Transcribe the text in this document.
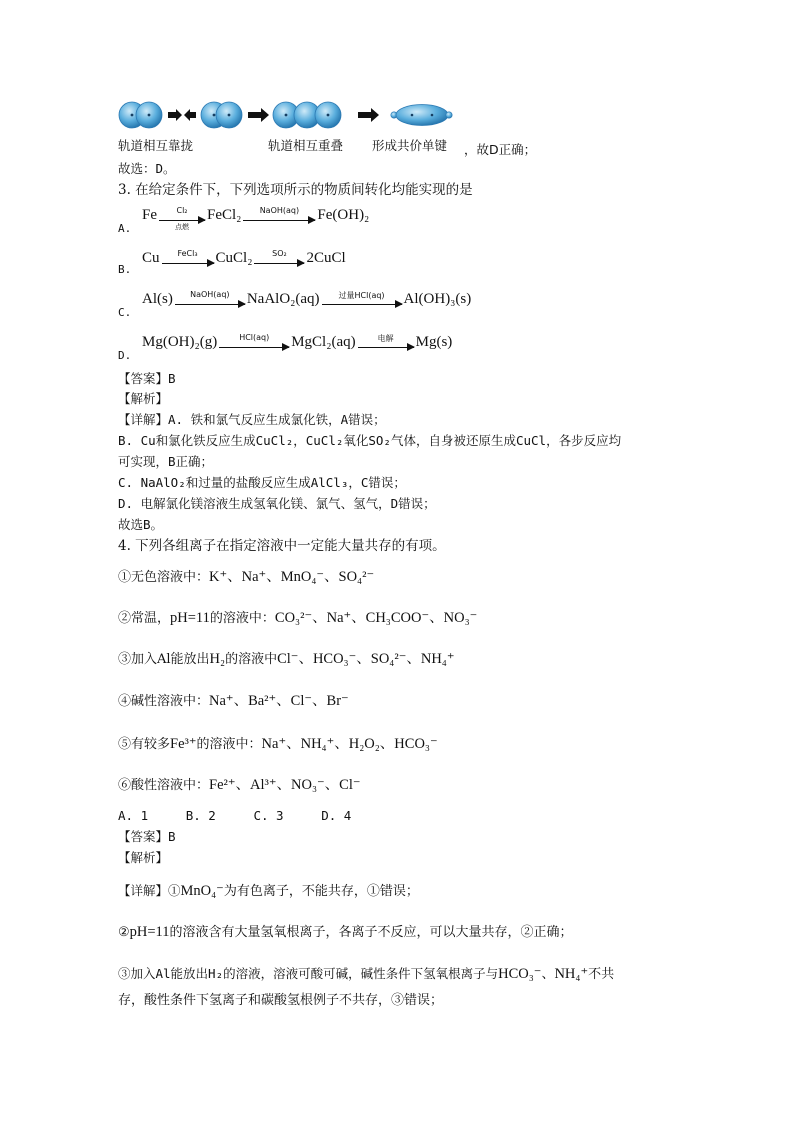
轨道相互靠拢	轨道相互重叠 形成共价单键 ，故D正确；
故选：D。
3. 在给定条件下，下列选项所示的物质间转化均能实现的是
A.
Fe	Cl₂
点燃
FeCl₂	NaOH(aq)	Fe(OH)₂
B.
Cu	FeCl₃	CuCl₂	SO₂	2CuCl
C.
Al(s)	NaOH(aq)	NaAlO₂(aq)	过量HCl(aq)	Al(OH)₃(s)
D.
Mg(OH)₂(g)	HCl(aq)	MgCl₂(aq)	电解	Mg(s)
【答案】B
【解析】
【详解】A. 铁和氯气反应生成氯化铁，A错误；
B. Cu和氯化铁反应生成CuCl₂，CuCl₂氧化SO₂气体，自身被还原生成CuCl，各步反应均
可实现，B正确；
C. NaAlO₂和过量的盐酸反应生成AlCl₃，C错误；
D. 电解氯化镁溶液生成氢氧化镁、氯气、氢气，D错误；
故选B。
4. 下列各组离子在指定溶液中一定能大量共存的有项。
①无色溶液中：K⁺、Na⁺、MnO₄⁻、SO₄²⁻
②常温，pH=11的溶液中：CO₃²⁻、Na⁺、CH₃COO⁻、NO₃⁻
③加入Al能放出H₂的溶液中Cl⁻、HCO₃⁻、SO₄²⁻、NH₄⁺
④碱性溶液中：Na⁺、Ba²⁺、Cl⁻、Br⁻
⑤有较多Fe³⁺的溶液中：Na⁺、NH₄⁺、H₂O₂、HCO₃⁻
⑥酸性溶液中：Fe²⁺、Al³⁺、NO₃⁻、Cl⁻
A. 1     B. 2     C. 3     D. 4
【答案】B
【解析】
【详解】①MnO₄⁻为有色离子，不能共存，①错误；
②pH=11的溶液含有大量氢氧根离子，各离子不反应，可以大量共存，②正确；
③加入Al能放出H₂的溶液，溶液可酸可碱，碱性条件下氢氧根离子与HCO₃⁻、NH₄⁺不共
存，酸性条件下氢离子和碳酸氢根例子不共存，③错误；
